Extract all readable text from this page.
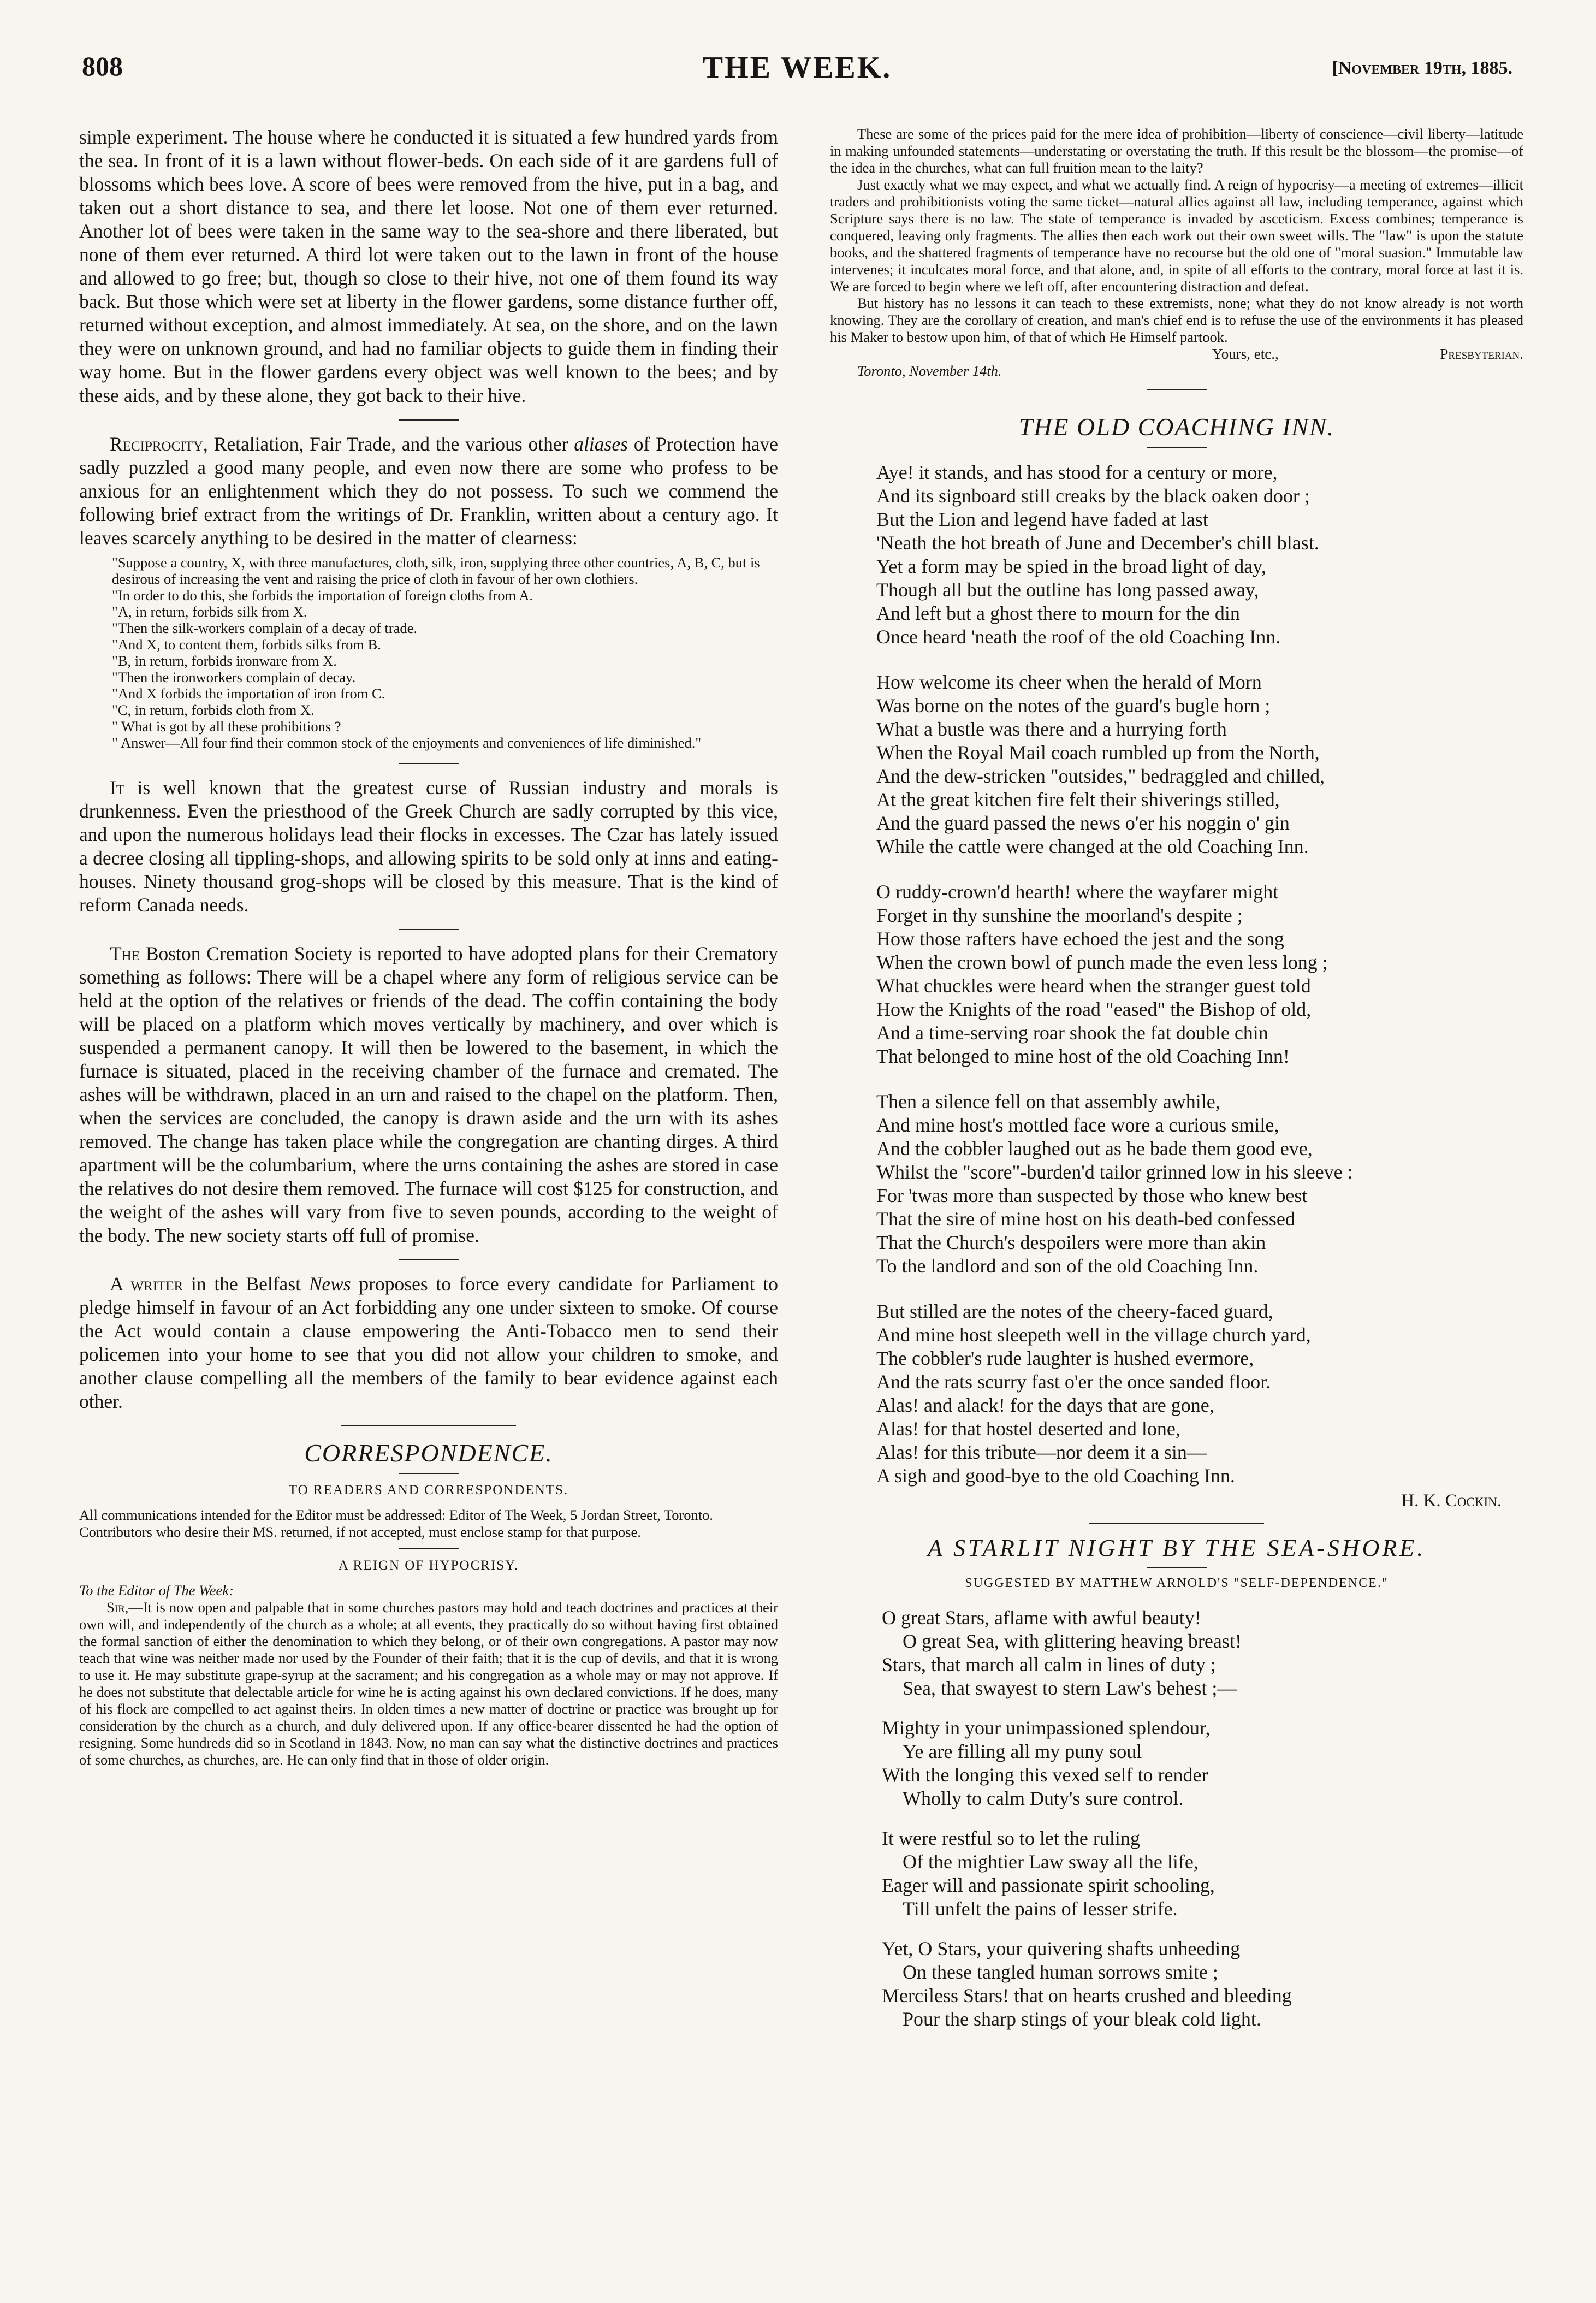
808	THE WEEK.	[November 19th, 1885.

simple experiment. The house where he conducted it is situated a few hundred yards from the sea. In front of it is a lawn without flower-beds. On each side of it are gardens full of blossoms which bees love. A score of bees were removed from the hive, put in a bag, and taken out a short distance to sea, and there let loose. Not one of them ever returned. Another lot of bees were taken in the same way to the sea-shore and there liberated, but none of them ever returned. A third lot were taken out to the lawn in front of the house and allowed to go free; but, though so close to their hive, not one of them found its way back. But those which were set at liberty in the flower gardens, some distance further off, returned without exception, and almost immediately. At sea, on the shore, and on the lawn they were on unknown ground, and had no familiar objects to guide them in finding their way home. But in the flower gardens every object was well known to the bees; and by these aids, and by these alone, they got back to their hive.

Reciprocity, Retaliation, Fair Trade, and the various other aliases of Protection have sadly puzzled a good many people, and even now there are some who profess to be anxious for an enlightenment which they do not possess. To such we commend the following brief extract from the writings of Dr. Franklin, written about a century ago. It leaves scarcely anything to be desired in the matter of clearness:

"Suppose a country, X, with three manufactures, cloth, silk, iron, supplying three other countries, A, B, C, but is desirous of increasing the vent and raising the price of cloth in favour of her own clothiers.
"In order to do this, she forbids the importation of foreign cloths from A.
"A, in return, forbids silk from X.
"Then the silk-workers complain of a decay of trade.
"And X, to content them, forbids silks from B.
"B, in return, forbids ironware from X.
"Then the ironworkers complain of decay.
"And X forbids the importation of iron from C.
"C, in return, forbids cloth from X.
" What is got by all these prohibitions ?
" Answer—All four find their common stock of the enjoyments and conveniences of life diminished."

It is well known that the greatest curse of Russian industry and morals is drunkenness. Even the priesthood of the Greek Church are sadly corrupted by this vice, and upon the numerous holidays lead their flocks in excesses. The Czar has lately issued a decree closing all tippling-shops, and allowing spirits to be sold only at inns and eating-houses. Ninety thousand grog-shops will be closed by this measure. That is the kind of reform Canada needs.

The Boston Cremation Society is reported to have adopted plans for their Crematory something as follows: There will be a chapel where any form of religious service can be held at the option of the relatives or friends of the dead. The coffin containing the body will be placed on a platform which moves vertically by machinery, and over which is suspended a permanent canopy. It will then be lowered to the basement, in which the furnace is situated, placed in the receiving chamber of the furnace and cremated. The ashes will be withdrawn, placed in an urn and raised to the chapel on the platform. Then, when the services are concluded, the canopy is drawn aside and the urn with its ashes removed. The change has taken place while the congregation are chanting dirges. A third apartment will be the columbarium, where the urns containing the ashes are stored in case the relatives do not desire them removed. The furnace will cost $125 for construction, and the weight of the ashes will vary from five to seven pounds, according to the weight of the body. The new society starts off full of promise.

A writer in the Belfast News proposes to force every candidate for Parliament to pledge himself in favour of an Act forbidding any one under sixteen to smoke. Of course the Act would contain a clause empowering the Anti-Tobacco men to send their policemen into your home to see that you did not allow your children to smoke, and another clause compelling all the members of the family to bear evidence against each other.

CORRESPONDENCE.
TO READERS AND CORRESPONDENTS.
All communications intended for the Editor must be addressed: Editor of The Week, 5 Jordan Street, Toronto.
Contributors who desire their MS. returned, if not accepted, must enclose stamp for that purpose.
A REIGN OF HYPOCRISY.
To the Editor of The Week:

Sir,—It is now open and palpable that in some churches pastors may hold and teach doctrines and practices at their own will, and independently of the church as a whole; at all events, they practically do so without having first obtained the formal sanction of either the denomination to which they belong, or of their own congregations. A pastor may now teach that wine was neither made nor used by the Founder of their faith; that it is the cup of devils, and that it is wrong to use it. He may substitute grape-syrup at the sacrament; and his congregation as a whole may or may not approve. If he does not substitute that delectable article for wine he is acting against his own declared convictions. If he does, many of his flock are compelled to act against theirs. In olden times a new matter of doctrine or practice was brought up for consideration by the church as a church, and duly delivered upon. If any office-bearer dissented he had the option of resigning. Some hundreds did so in Scotland in 1843. Now, no man can say what the distinctive doctrines and practices of some churches, as churches, are. He can only find that in those of older origin.

These are some of the prices paid for the mere idea of prohibition—liberty of conscience—civil liberty—latitude in making unfounded statements—understating or overstating the truth. If this result be the blossom—the promise—of the idea in the churches, what can full fruition mean to the laity?

Just exactly what we may expect, and what we actually find. A reign of hypocrisy—a meeting of extremes—illicit traders and prohibitionists voting the same ticket—natural allies against all law, including temperance, against which Scripture says there is no law. The state of temperance is invaded by asceticism. Excess combines; temperance is conquered, leaving only fragments. The allies then each work out their own sweet wills. The "law" is upon the statute books, and the shattered fragments of temperance have no recourse but the old one of "moral suasion." Immutable law intervenes; it inculcates moral force, and that alone, and, in spite of all efforts to the contrary, moral force at last it is. We are forced to begin where we left off, after encountering distraction and defeat.

But history has no lessons it can teach to these extremists, none; what they do not know already is not worth knowing. They are the corollary of creation, and man's chief end is to refuse the use of the environments it has pleased his Maker to bestow upon him, of that of which He Himself partook.

Yours, etc.,	Presbyterian.
Toronto, November 14th.
THE OLD COACHING INN.
Aye! it stands, and has stood for a century or more,
And its signboard still creaks by the black oaken door ;
But the Lion and legend have faded at last
'Neath the hot breath of June and December's chill blast.
Yet a form may be spied in the broad light of day,
Though all but the outline has long passed away,
And left but a ghost there to mourn for the din
Once heard 'neath the roof of the old Coaching Inn.
How welcome its cheer when the herald of Morn
Was borne on the notes of the guard's bugle horn ;
What a bustle was there and a hurrying forth
When the Royal Mail coach rumbled up from the North,
And the dew-stricken "outsides," bedraggled and chilled,
At the great kitchen fire felt their shiverings stilled,
And the guard passed the news o'er his noggin o' gin
While the cattle were changed at the old Coaching Inn.
O ruddy-crown'd hearth! where the wayfarer might
Forget in thy sunshine the moorland's despite ;
How those rafters have echoed the jest and the song
When the crown bowl of punch made the even less long ;
What chuckles were heard when the stranger guest told
How the Knights of the road "eased" the Bishop of old,
And a time-serving roar shook the fat double chin
That belonged to mine host of the old Coaching Inn!
Then a silence fell on that assembly awhile,
And mine host's mottled face wore a curious smile,
And the cobbler laughed out as he bade them good eve,
Whilst the "score"-burden'd tailor grinned low in his sleeve :
For 'twas more than suspected by those who knew best
That the sire of mine host on his death-bed confessed
That the Church's despoilers were more than akin
To the landlord and son of the old Coaching Inn.
But stilled are the notes of the cheery-faced guard,
And mine host sleepeth well in the village church yard,
The cobbler's rude laughter is hushed evermore,
And the rats scurry fast o'er the once sanded floor.
Alas! and alack! for the days that are gone,
Alas! for that hostel deserted and lone,
Alas! for this tribute—nor deem it a sin—
A sigh and good-bye to the old Coaching Inn.
H. K. Cockin.
A STARLIT NIGHT BY THE SEA-SHORE.
SUGGESTED BY MATTHEW ARNOLD'S "SELF-DEPENDENCE."
O great Stars, aflame with awful beauty!
O great Sea, with glittering heaving breast!
Stars, that march all calm in lines of duty ;
Sea, that swayest to stern Law's behest ;—
Mighty in your unimpassioned splendour,
Ye are filling all my puny soul
With the longing this vexed self to render
Wholly to calm Duty's sure control.
It were restful so to let the ruling
Of the mightier Law sway all the life,
Eager will and passionate spirit schooling,
Till unfelt the pains of lesser strife.
Yet, O Stars, your quivering shafts unheeding
On these tangled human sorrows smite ;
Merciless Stars! that on hearts crushed and bleeding
Pour the sharp stings of your bleak cold light.
